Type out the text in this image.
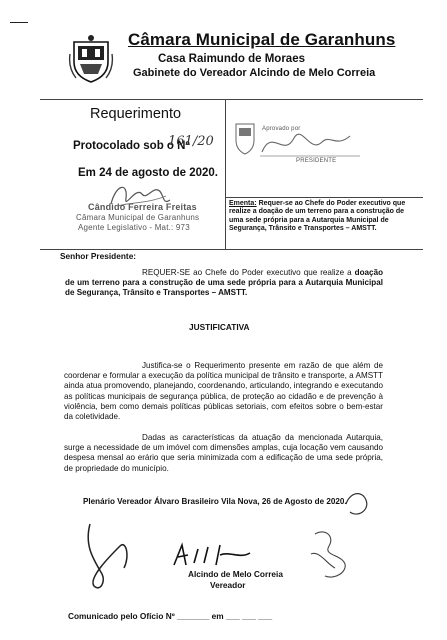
Câmara Municipal de Garanhuns
Casa Raimundo de Moraes
Gabinete do Vereador Alcindo de Melo Correia
Requerimento
Protocolado sob o Nº
161/20
Em 24 de agosto de 2020.
Cândido Ferreira Freitas
Câmara Municipal de Garanhuns
Agente Legislativo - Mat.: 973
Aprovado por
PRESIDENTE
Ementa: Requer-se ao Chefe do Poder executivo que realize a doação de um terreno para a construção de uma sede própria para a Autarquia Municipal de Segurança, Trânsito e Transportes – AMSTT.
Senhor Presidente:
REQUER-SE ao Chefe do Poder executivo que realize a doação de um terreno para a construção de uma sede própria para a Autarquia Municipal de Segurança, Trânsito e Transportes – AMSTT.
JUSTIFICATIVA
Justifica-se o Requerimento presente em razão de que além de coordenar e formular a execução da política municipal de trânsito e transporte, a AMSTT ainda atua promovendo, planejando, coordenando, articulando, integrando e executando as políticas municipais de segurança pública, de proteção ao cidadão e de prevenção à violência, bem como demais políticas públicas setoriais, com efeitos sobre o bem-estar da coletividade.
Dadas as características da atuação da mencionada Autarquia, surge a necessidade de um imóvel com dimensões amplas, cuja locação vem causando despesa mensal ao erário que seria minimizada com a edificação de uma sede própria, de propriedade do município.
Plenário Vereador Álvaro Brasileiro Vila Nova, 26 de Agosto de 2020.
Alcindo de Melo Correia
Vereador
Comunicado pelo Ofício Nº _______ em ___ ___ ___
